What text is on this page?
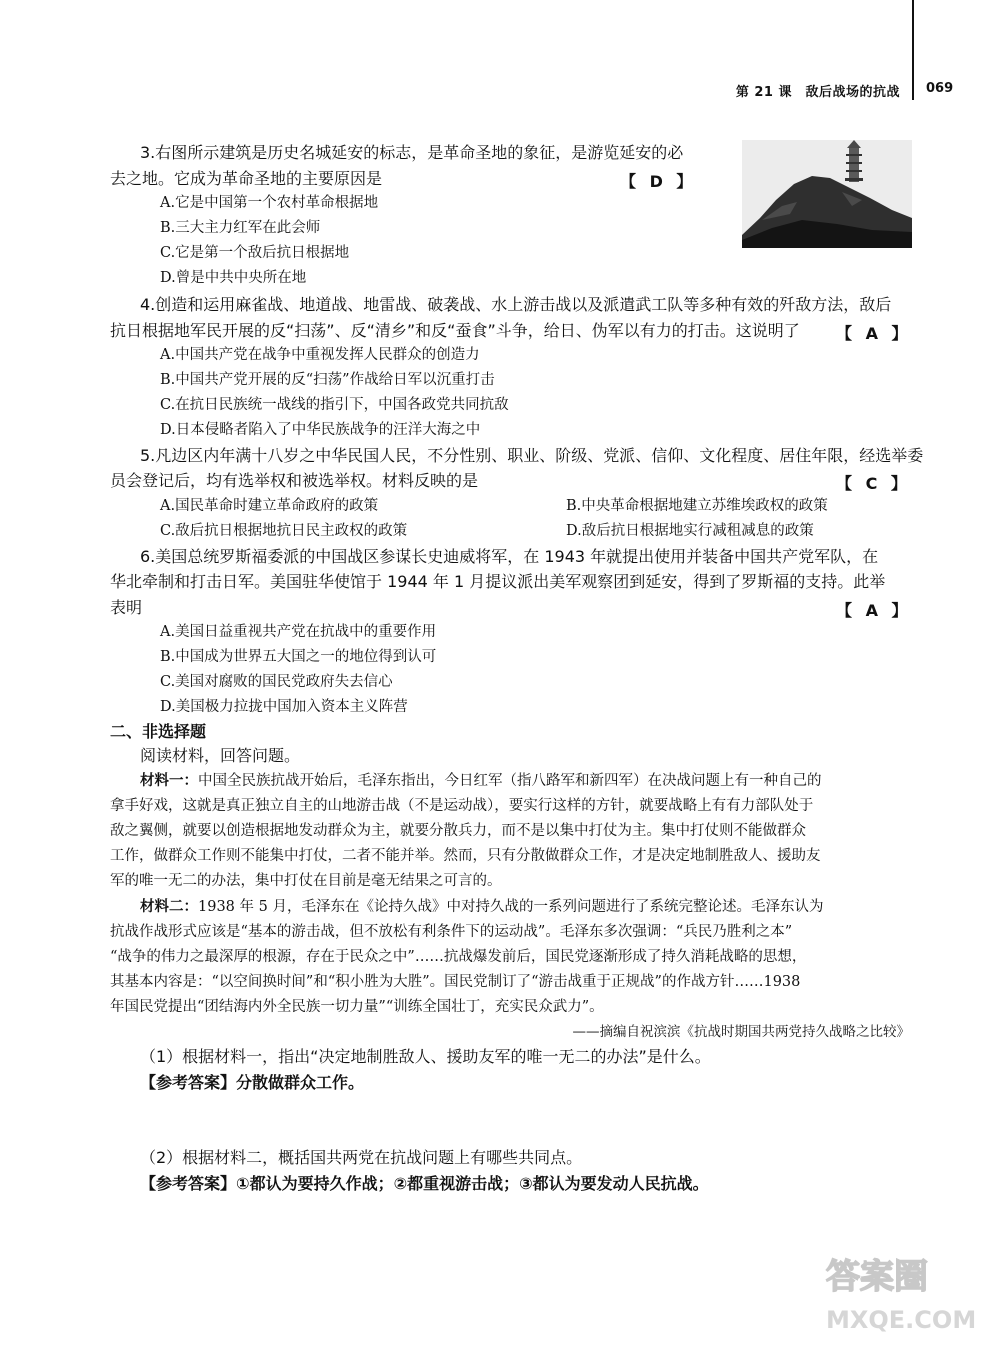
第 21 课　敌后战场的抗战 069
3.右图所示建筑是历史名城延安的标志，是革命圣地的象征，是游览延安的必
去之地。它成为革命圣地的主要原因是	【 D 】
A.它是中国第一个农村革命根据地
B.三大主力红军在此会师
C.它是第一个敌后抗日根据地
D.曾是中共中央所在地
4.创造和运用麻雀战、地道战、地雷战、破袭战、水上游击战以及派遣武工队等多种有效的歼敌方法，敌后
抗日根据地军民开展的反“扫荡”、反“清乡”和反“蚕食”斗争，给日、伪军以有力的打击。这说明了 【 A 】
A.中国共产党在战争中重视发挥人民群众的创造力
B.中国共产党开展的反“扫荡”作战给日军以沉重打击
C.在抗日民族统一战线的指引下，中国各政党共同抗敌
D.日本侵略者陷入了中华民族战争的汪洋大海之中
5.凡边区内年满十八岁之中华民国人民，不分性别、职业、阶级、党派、信仰、文化程度、居住年限，经选举委
员会登记后，均有选举权和被选举权。材料反映的是	【 C 】
A.国民革命时建立革命政府的政策	B.中央革命根据地建立苏维埃政权的政策
C.敌后抗日根据地抗日民主政权的政策	D.敌后抗日根据地实行减租减息的政策
6.美国总统罗斯福委派的中国战区参谋长史迪威将军，在 1943 年就提出使用并装备中国共产党军队，在
华北牵制和打击日军。美国驻华使馆于 1944 年 1 月提议派出美军观察团到延安，得到了罗斯福的支持。此举
表明	【 A 】
A.美国日益重视共产党在抗战中的重要作用
B.中国成为世界五大国之一的地位得到认可
C.美国对腐败的国民党政府失去信心
D.美国极力拉拢中国加入资本主义阵营
二、非选择题
阅读材料，回答问题。
材料一：中国全民族抗战开始后，毛泽东指出，今日红军（指八路军和新四军）在决战问题上有一种自己的
拿手好戏，这就是真正独立自主的山地游击战（不是运动战），要实行这样的方针，就要战略上有有力部队处于
敌之翼侧，就要以创造根据地发动群众为主，就要分散兵力，而不是以集中打仗为主。集中打仗则不能做群众
工作，做群众工作则不能集中打仗，二者不能并举。然而，只有分散做群众工作，才是决定地制胜敌人、援助友
军的唯一无二的办法，集中打仗在目前是毫无结果之可言的。
材料二：1938 年 5 月，毛泽东在《论持久战》中对持久战的一系列问题进行了系统完整论述。毛泽东认为
抗战作战形式应该是“基本的游击战，但不放松有利条件下的运动战”。毛泽东多次强调：“兵民乃胜利之本”
“战争的伟力之最深厚的根源，存在于民众之中”……抗战爆发前后，国民党逐渐形成了持久消耗战略的思想，
其基本内容是：“以空间换时间”和“积小胜为大胜”。国民党制订了“游击战重于正规战”的作战方针……1938
年国民党提出“团结海内外全民族一切力量”“训练全国壮丁，充实民众武力”。
——摘编自祝滨滨《抗战时期国共两党持久战略之比较》
（1）根据材料一，指出“决定地制胜敌人、援助友军的唯一无二的办法”是什么。
【参考答案】分散做群众工作。
（2）根据材料二，概括国共两党在抗战问题上有哪些共同点。
【参考答案】①都认为要持久作战；②都重视游击战；③都认为要发动人民抗战。
答案圈
MXQE.COM
